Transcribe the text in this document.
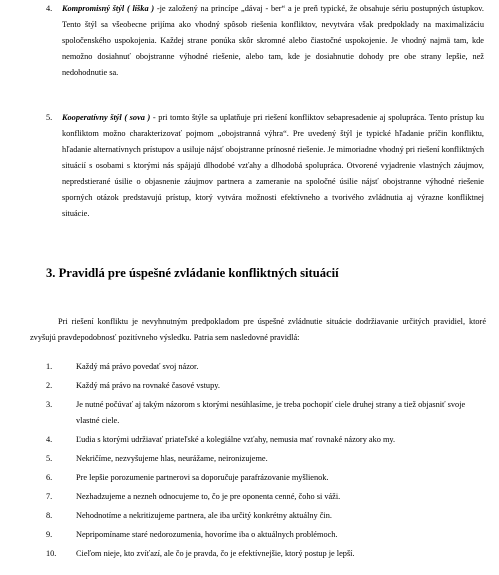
4. Kompromisný štýl ( líška ) -je založený na princípe „dávaj - ber“ a je preň typické, že obsahuje sériu postupných ústupkov. Tento štýl sa všeobecne prijíma ako vhodný spôsob riešenia konfliktov, nevytvára však predpoklady na maximalizáciu spoločenského uspokojenia. Každej strane ponúka skôr skromné alebo čiastočné uspokojenie. Je vhodný najmä tam, kde nemožno dosiahnuť obojstranne výhodné riešenie, alebo tam, kde je dosiahnutie dohody pre obe strany lepšie, než nedohodnutie sa.
5. Kooperatívny štýl ( sova ) - pri tomto štýle sa uplatňuje pri riešení konfliktov sebapresadenie aj spolupráca. Tento prístup ku konfliktom možno charakterizovať pojmom „obojstranná výhra“. Pre uvedený štýl je typické hľadanie príčin konfliktu, hľadanie alternatívnych prístupov a usiluje nájsť obojstranne prínosné riešenie. Je mimoriadne vhodný pri riešení konfliktných situácií s osobami s ktorými nás spájajú dlhodobé vzťahy a dlhodobá spolupráca. Otvorené vyjadrenie vlastných záujmov, nepredstierané úsilie o objasnenie záujmov partnera a zameranie na spoločné úsilie nájsť obojstranne výhodné riešenie sporných otázok predstavujú prístup, ktorý vytvára možnosti efektívneho a tvorivého zvládnutia aj výrazne konfliktnej situácie.
3. Pravidlá pre úspešné zvládanie konfliktných situácií

Pri riešení konfliktu je nevyhnutným predpokladom pre úspešné zvládnutie situácie dodržiavanie určitých pravidiel, ktoré zvyšujú pravdepodobnosť pozitívneho výsledku. Patria sem nasledovné pravidlá:

1.	Každý má právo povedať svoj názor.
2.	Každý má právo na rovnaké časové vstupy.
3.	Je nutné počúvať aj takým názorom s ktorými nesúhlasíme, je treba pochopiť ciele druhej strany a tiež objasniť svoje vlastné ciele.
4.	Ľudia s ktorými udržiavať priateľské a kolegiálne vzťahy, nemusia mať rovnaké názory ako my.
5.	Nekričíme, nezvyšujeme hlas, neurážame, neironizujeme.
6.	Pre lepšie porozumenie partnerovi sa doporučuje parafrázovanie myšlienok.
7.	Nezhadzujeme a nezneh odnocujeme to, čo je pre oponenta cenné, čoho si váži.
8.	Nehodnotíme a nekritizujeme partnera, ale iba určitý konkrétny aktuálny čin.
9.	Nepripomíname staré nedorozumenia, hovoríme iba o aktuálnych problémoch.
10. Cieľom nieje, kto zvíťazí, ale čo je pravda, čo je efektívnejšie, ktorý postup je lepší.
